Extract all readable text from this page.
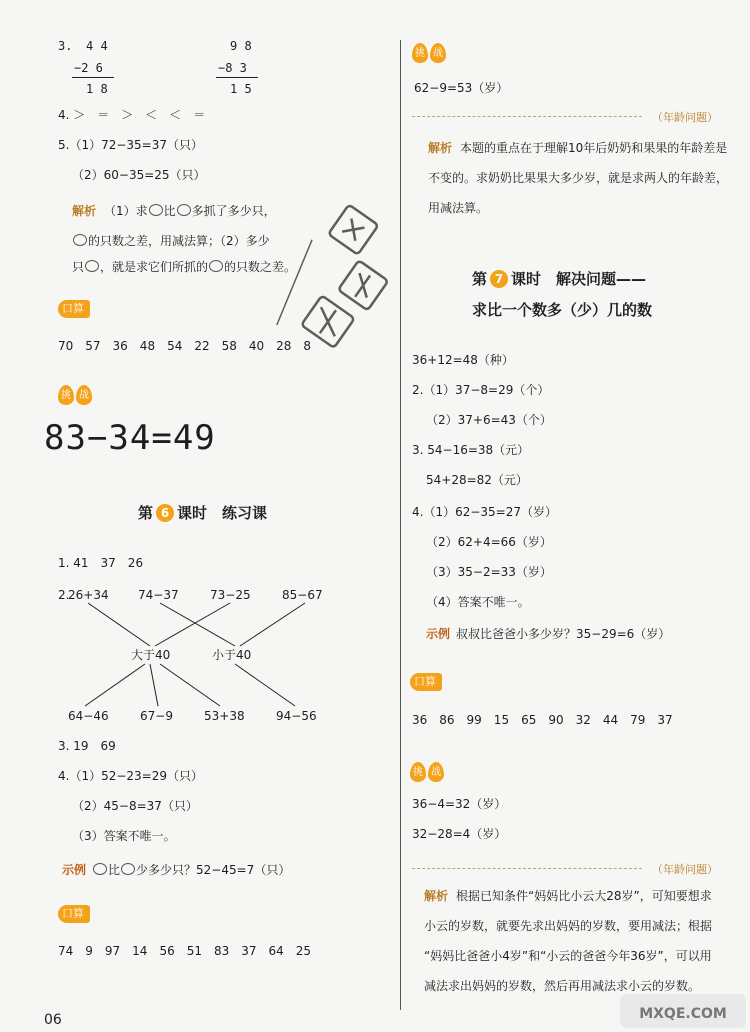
3. 4 4
−2 6
1 8
9 8
−8 3
1 5
4. ＞　＝　＞　＜　＜　＝
5.（1）72−35=37（只）
（2）60−35=25（只）
解析 （1）求 比 多抓了多少只，
的只数之差，用减法算；（2）多少
只 ，就是求它们所抓的 的只数之差。
口算
70　57　36　48　54　22　58　40　28　8
挑 战
83−34=49
第 6 课时　练习课
1. 41　37　26
2.
26+34 74−37	73−25	85−67
大于40	小于40
64−46	67−9	53+38	94−56
3. 19　69
4.（1）52−23=29（只）
（2）45−8=37（只）
（3）答案不唯一。
示例 比 少多少只？52−45=7（只）
口算
74　9　97　14　56　51　83　37　64　25
06
挑 战
62−9=53（岁）
（年龄问题）
解析 本题的重点在于理解10年后奶奶和果果的年龄差是
不变的。求奶奶比果果大多少岁，就是求两人的年龄差，
用减法算。
第 7 课时　解决问题——
求比一个数多（少）几的数
36+12=48（种）
2.（1）37−8=29（个）
（2）37+6=43（个）
3. 54−16=38（元）
54+28=82（元）
4.（1）62−35=27（岁）
（2）62+4=66（岁）
（3）35−2=33（岁）
（4）答案不唯一。
示例 叔叔比爸爸小多少岁？35−29=6（岁）
口算
36　86　99　15　65　90　32　44　79　37
挑 战
36−4=32（岁）
32−28=4（岁）
（年龄问题）
解析 根据已知条件“妈妈比小云大28岁”，可知要想求
小云的岁数，就要先求出妈妈的岁数，要用减法；根据
“妈妈比爸爸小4岁”和“小云的爸爸今年36岁”，可以用
减法求出妈妈的岁数，然后再用减法求小云的岁数。
MXQE.COM
